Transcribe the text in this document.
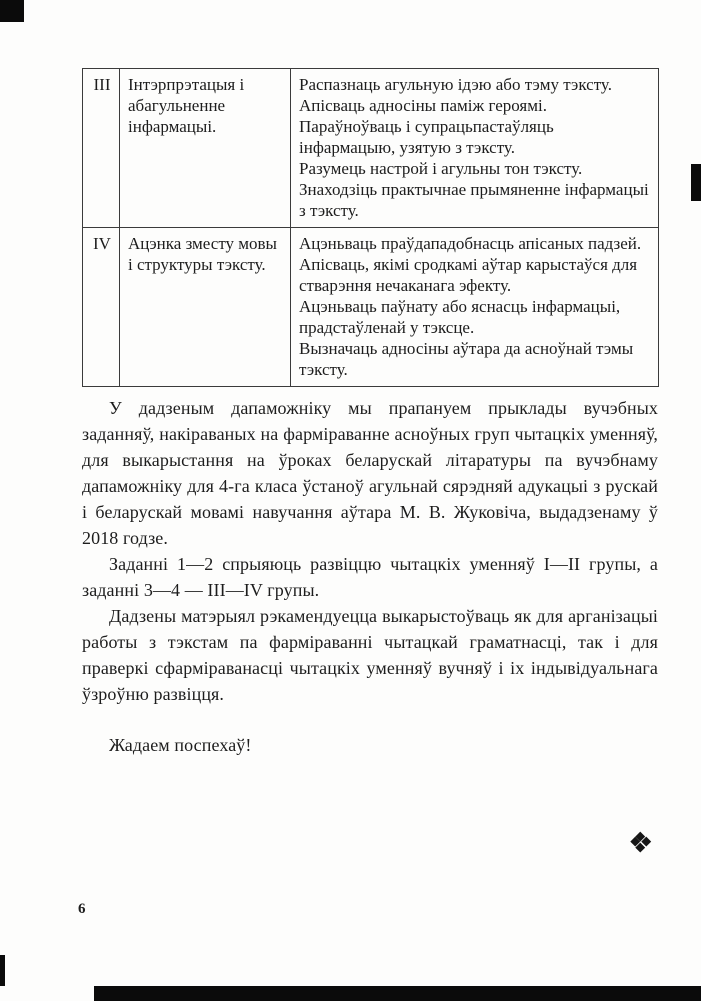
III	Інтэрпрэтацыя і абагульненне інфармацыі.	Распазнаць агульную ідэю або тэму тэксту.
Апісваць адносіны паміж героямі.
Параўноўваць і супрацьпастаўляць інфармацыю, узятую з тэксту.
Разумець настрой і агульны тон тэксту.
Знаходзіць практычнае прымяненне інфармацыі з тэксту.

IV	Ацэнка зместу мовы і структуры тэксту.	Ацэньваць праўдападобнасць апісаных падзей.
Апісваць, якімі сродкамі аўтар карыстаўся для стварэння нечаканага эфекту.
Ацэньваць паўнату або яснасць інфармацыі, прадстаўленай у тэксце.
Вызначаць адносіны аўтара да асноўнай тэмы тэксту.

У дадзеным дапаможніку мы прапануем прыклады вучэбных заданняў, накіраваных на фарміраванне асноўных груп чытацкіх уменняў, для выкарыстання на ўроках беларускай літаратуры па вучэбнаму дапаможніку для 4-га класа ўстаноў агульнай сярэдняй адукацыі з рускай і беларускай мовамі навучання аўтара М. В. Жуковіча, выдадзенаму ў 2018 годзе.

Заданні 1—2 спрыяюць развіццю чытацкіх уменняў I—II групы, а заданні 3—4 — III—IV групы.

Дадзены матэрыял рэкамендуецца выкарыстоўваць як для арганізацыі работы з тэкстам па фарміраванні чытацкай граматнасці, так і для праверкі сфарміраванасці чытацкіх уменняў вучняў і іх індывідуальнага ўзроўню развіцця.

Жадаем поспехаў!

6
